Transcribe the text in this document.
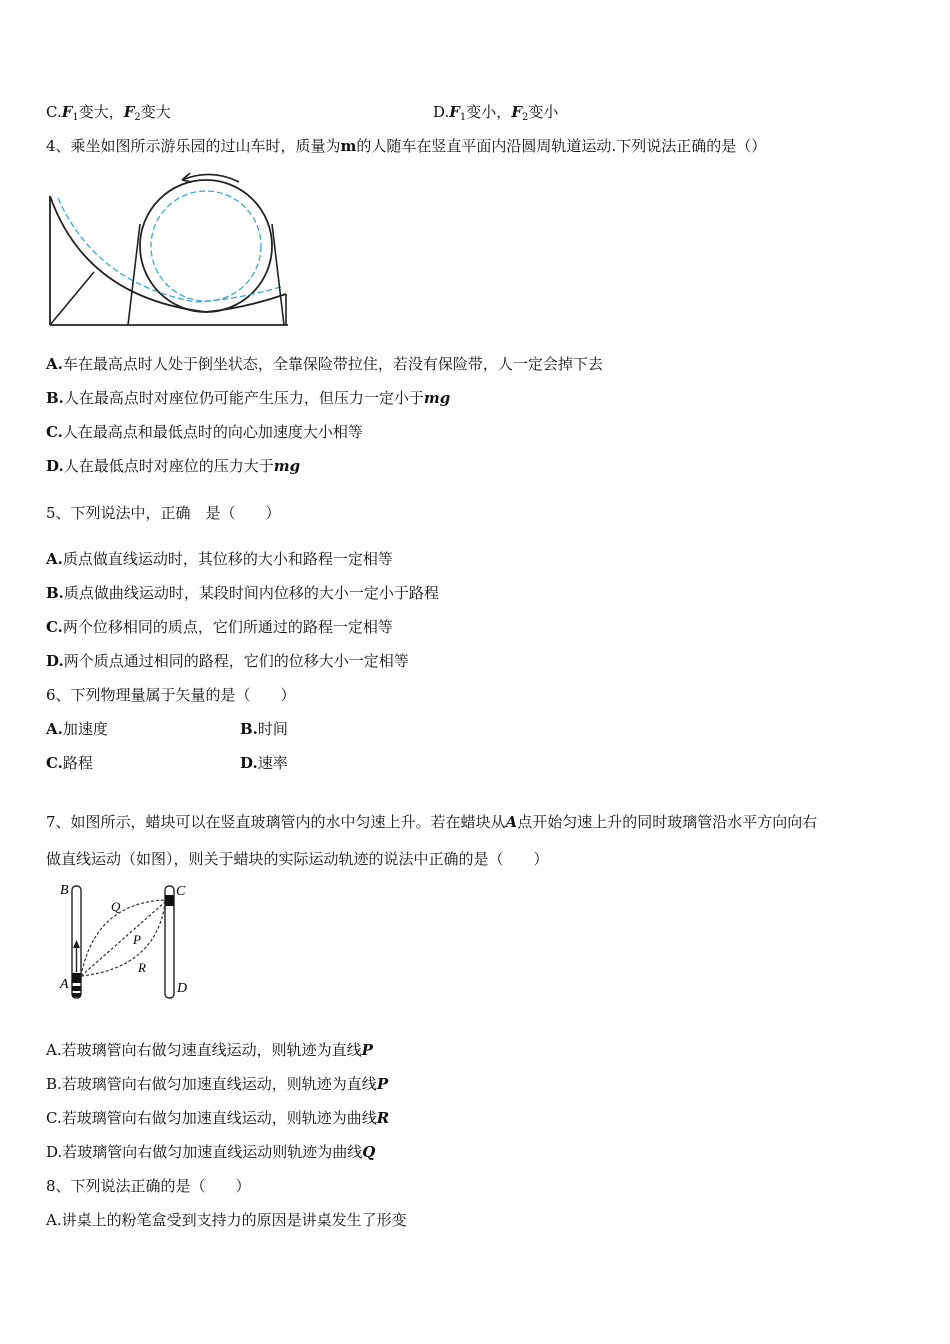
$C.F_1$变大，$F_2$变大	$D.F_1$变小，$F_2$变小
4、乘坐如图所示游乐园的过山车时，质量为m的人随车在竖直平面内沿圆周轨道运动.下列说法正确的是（）
A.车在最高点时人处于倒坐状态，全靠保险带拉住，若没有保险带，人一定会掉下去
B.人在最高点时对座位仍可能产生压力，但压力一定小于mg
C.人在最高点和最低点时的向心加速度大小相等
D.人在最低点时对座位的压力大于mg
5、下列说法中，正确　是（　　）
A.质点做直线运动时，其位移的大小和路程一定相等
B.质点做曲线运动时，某段时间内位移的大小一定小于路程
C.两个位移相同的质点，它们所通过的路程一定相等
D.两个质点通过相同的路程，它们的位移大小一定相等
6、下列物理量属于矢量的是（　　）
A.加速度	B.时间
C.路程	D.速率
7、如图所示，蜡块可以在竖直玻璃管内的水中匀速上升。若在蜡块从A点开始匀速上升的同时玻璃管沿水平方向向右
做直线运动（如图），则关于蜡块的实际运动轨迹的说法中正确的是（　　）
B	C
A	D
Q
P
R
A.若玻璃管向右做匀速直线运动，则轨迹为直线P
B.若玻璃管向右做匀加速直线运动，则轨迹为直线P
C.若玻璃管向右做匀加速直线运动，则轨迹为曲线R
D.若玻璃管向右做匀加速直线运动则轨迹为曲线Q
8、下列说法正确的是（　　）
A.讲桌上的粉笔盒受到支持力的原因是讲桌发生了形变
